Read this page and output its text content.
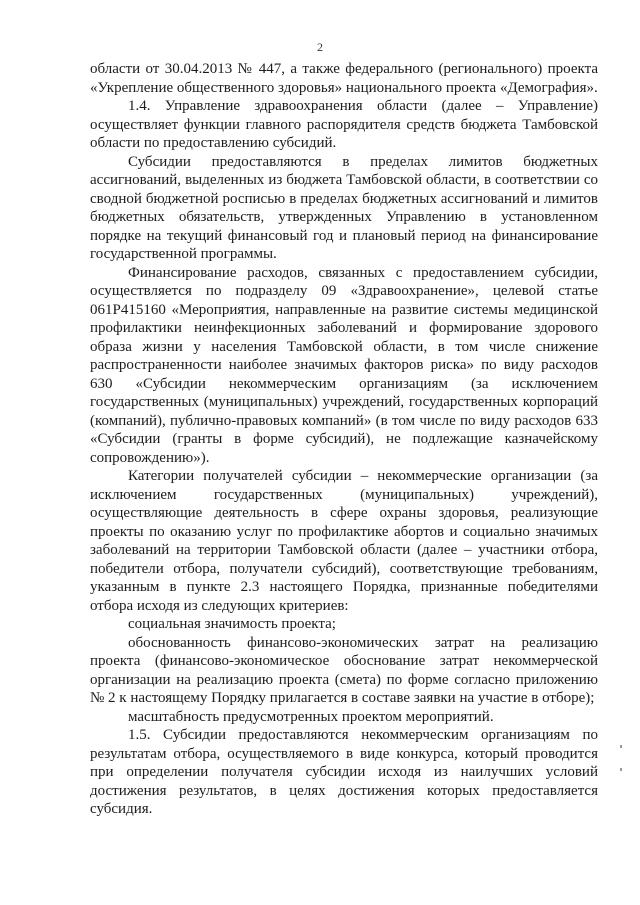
2

области от 30.04.2013 № 447, а также федерального (регионального) проекта «Укрепление общественного здоровья» национального проекта «Демография».

1.4. Управление здравоохранения области (далее – Управление) осуществляет функции главного распорядителя средств бюджета Тамбовской области по предоставлению субсидий.

Субсидии предоставляются в пределах лимитов бюджетных ассигнований, выделенных из бюджета Тамбовской области, в соответствии со сводной бюджетной росписью в пределах бюджетных ассигнований и лимитов бюджетных обязательств, утвержденных Управлению в установленном порядке на текущий финансовый год и плановый период на финансирование государственной программы.

Финансирование расходов, связанных с предоставлением субсидии, осуществляется по подразделу 09 «Здравоохранение», целевой статье 061P415160 «Мероприятия, направленные на развитие системы медицинской профилактики неинфекционных заболеваний и формирование здорового образа жизни у населения Тамбовской области, в том числе снижение распространенности наиболее значимых факторов риска» по виду расходов 630 «Субсидии некоммерческим организациям (за исключением государственных (муниципальных) учреждений, государственных корпораций (компаний), публично-правовых компаний» (в том числе по виду расходов 633 «Субсидии (гранты в форме субсидий), не подлежащие казначейскому сопровождению»).

Категории получателей субсидии – некоммерческие организации (за исключением государственных (муниципальных) учреждений), осуществляющие деятельность в сфере охраны здоровья, реализующие проекты по оказанию услуг по профилактике абортов и социально значимых заболеваний на территории Тамбовской области (далее – участники отбора, победители отбора, получатели субсидий), соответствующие требованиям, указанным в пункте 2.3 настоящего Порядка, признанные победителями отбора исходя из следующих критериев:

социальная значимость проекта;

обоснованность финансово-экономических затрат на реализацию проекта (финансово-экономическое обоснование затрат некоммерческой организации на реализацию проекта (смета) по форме согласно приложению № 2 к настоящему Порядку прилагается в составе заявки на участие в отборе);

масштабность предусмотренных проектом мероприятий.

1.5. Субсидии предоставляются некоммерческим организациям по результатам отбора, осуществляемого в виде конкурса, который проводится при определении получателя субсидии исходя из наилучших условий достижения результатов, в целях достижения которых предоставляется субсидия.
